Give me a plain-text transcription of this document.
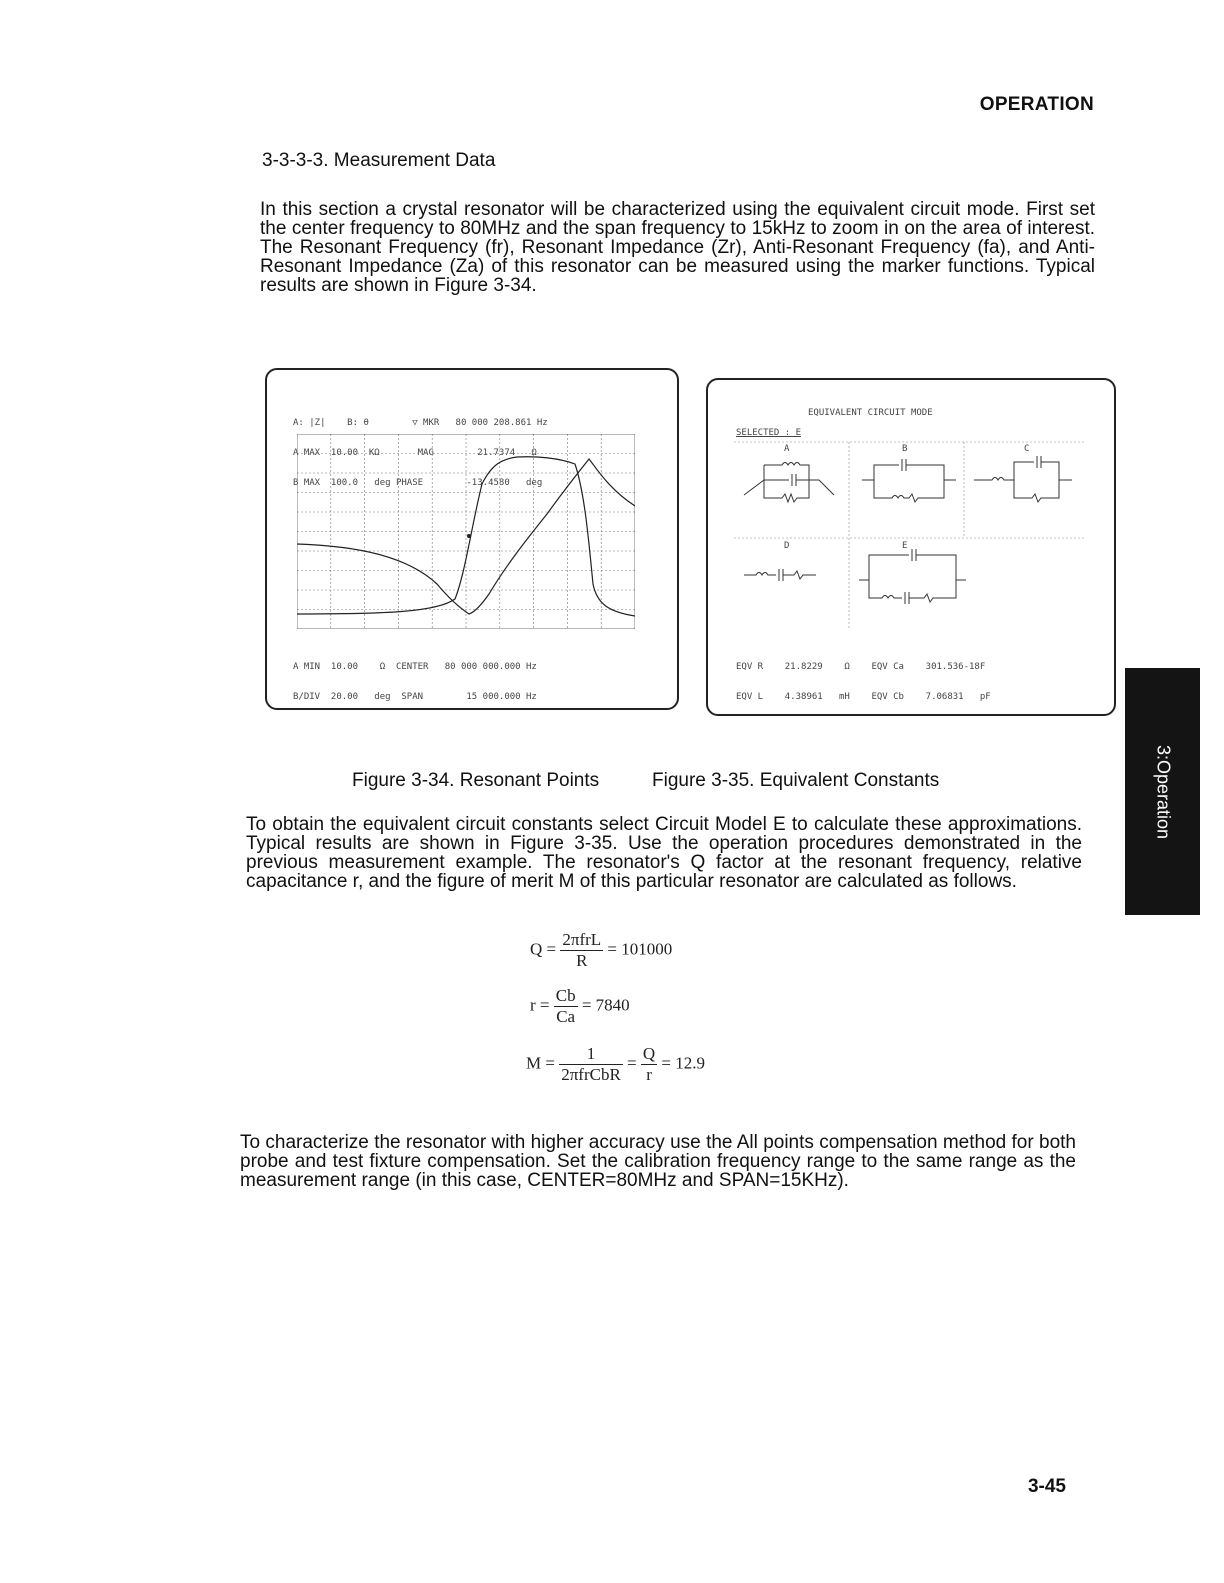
OPERATION
3-3-3-3. Measurement Data
In this section a crystal resonator will be characterized using the equivalent circuit mode. First set the center frequency to 80MHz and the span frequency to 15kHz to zoom in on the area of interest. The Resonant Frequency (fr), Resonant Impedance (Zr), Anti-Resonant Frequency (fa), and Anti-Resonant Impedance (Za) of this resonator can be measured using the marker functions. Typical results are shown in Figure 3-34.

A: |Z|    B: θ        ▽ MKR   80 000 208.861 Hz

A MAX  10.00  KΩ       MAG        21.7374   Ω

B MAX  100.0   deg PHASE        -13.4580   deg

A MIN  10.00    Ω  CENTER   80 000 000.000 Hz

B/DIV  20.00   deg  SPAN        15 000.000 Hz

EQUIVALENT CIRCUIT MODE
SELECTED : E
A	B	C
D	E

EQV R    21.8229    Ω    EQV Ca    301.536-18F

EQV L    4.38961   mH    EQV Cb    7.06831   pF

Figure 3-34. Resonant Points	Figure 3-35. Equivalent Constants	3:Operation
To obtain the equivalent circuit constants select Circuit Model E to calculate these approximations. Typical results are shown in Figure 3-35. Use the operation procedures demonstrated in the previous measurement example. The resonator's Q factor at the resonant frequency, relative capacitance r, and the figure of merit M of this particular resonator are calculated as follows.
$Q = \frac{\text{2πfrL}}{R} = 101000$
$r = \frac{Cb}{Ca} = 7840$
$M = \frac{1}{\text{2πfrCbR}} = \frac{Q}{r} = 12.9$
To characterize the resonator with higher accuracy use the All points compensation method for both probe and test fixture compensation. Set the calibration frequency range to the same range as the measurement range (in this case, CENTER=80MHz and SPAN=15KHz).
3-45
